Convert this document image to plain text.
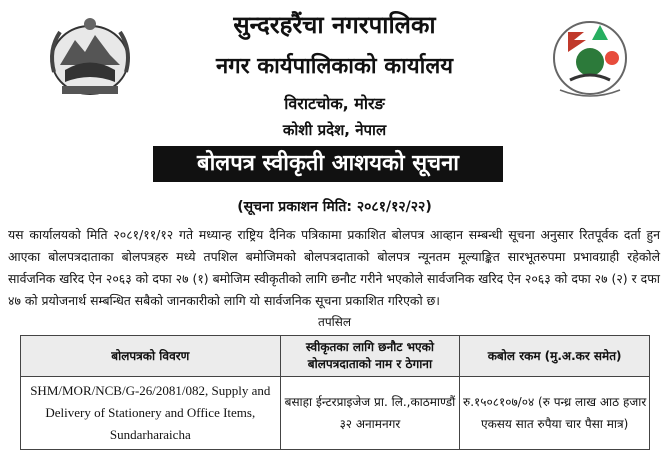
सुन्दरहरैंचा नगरपालिका
नगर कार्यपालिकाको कार्यालय
विराटचोक, मोरङ
कोशी प्रदेश, नेपाल
बोलपत्र स्वीकृती आशयको सूचना
(सूचना प्रकाशन मिति: २०८१/१२/२२)
यस कार्यालयको मिति २०८१/११/१२ गते मध्यान्ह राष्ट्रिय दैनिक पत्रिकामा प्रकाशित बोलपत्र आव्हान सम्बन्धी सूचना अनुसार रितपूर्वक दर्ता हुन आएका बोलपत्रदाताका बोलपत्रहरु मध्ये तपशिल बमोजिमको बोलपत्रदाताको बोलपत्र न्यूनतम मूल्याङ्कित सारभूतरुपमा प्रभावग्राही रहेकोले सार्वजनिक खरिद ऐन २०६३ को दफा २७ (१) बमोजिम स्वीकृतीको लागि छनौट गरीने भएकोले सार्वजनिक खरिद ऐन २०६३ को दफा २७ (२) र दफा ४७ को प्रयोजनार्थ सम्बन्धित सबैको जानकारीको लागि यो सार्वजनिक सूचना प्रकाशित गरिएको छ।
तपसिल
बोलपत्रको विवरण	स्वीकृतका लागि छनौट भएको बोलपत्रदाताको नाम र ठेगाना	कबोल रकम (मु.अ.कर समेत)
SHM/MOR/NCB/G-26/2081/082, Supply and Delivery of Stationery and Office Items, Sundarharaicha	बसाहा ईन्टरप्राइजेज प्रा. लि.,काठमाण्डौं ३२ अनामनगर	रु.१५०८१०७/०४ (रु पन्ध्र लाख आठ हजार एकसय सात रुपैया चार पैसा मात्र)
